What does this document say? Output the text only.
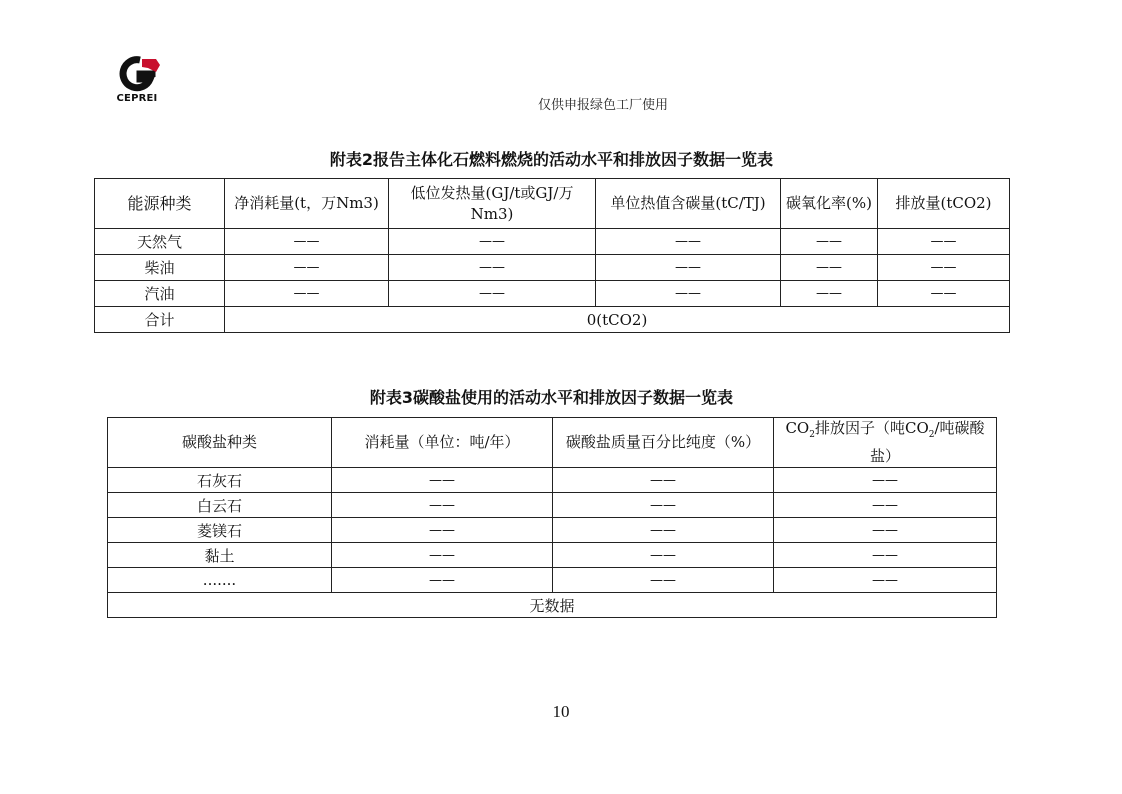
CEPREI	仅供申报绿色工厂使用
附表2报告主体化石燃料燃烧的活动水平和排放因子数据一览表
能源种类	净消耗量(t，万Nm3)	低位发热量(GJ/t或GJ/万Nm3)	单位热值含碳量(tC/TJ)	碳氧化率(%)	排放量(tCO2)
天然气	——	——	——	——	——
柴油	——	——	——	——	——
汽油	——	——	——	——	——
合计	0(tCO2)				
附表3碳酸盐使用的活动水平和排放因子数据一览表
碳酸盐种类	消耗量（单位：吨/年）	碳酸盐质量百分比纯度（%）	$CO_2$排放因子（吨$CO_2/$吨碳酸盐）
石灰石	——	——	——
白云石	——	——	——
菱镁石	——	——	——
黏土	——	——	——
.......	——	——	——
无数据			
10
